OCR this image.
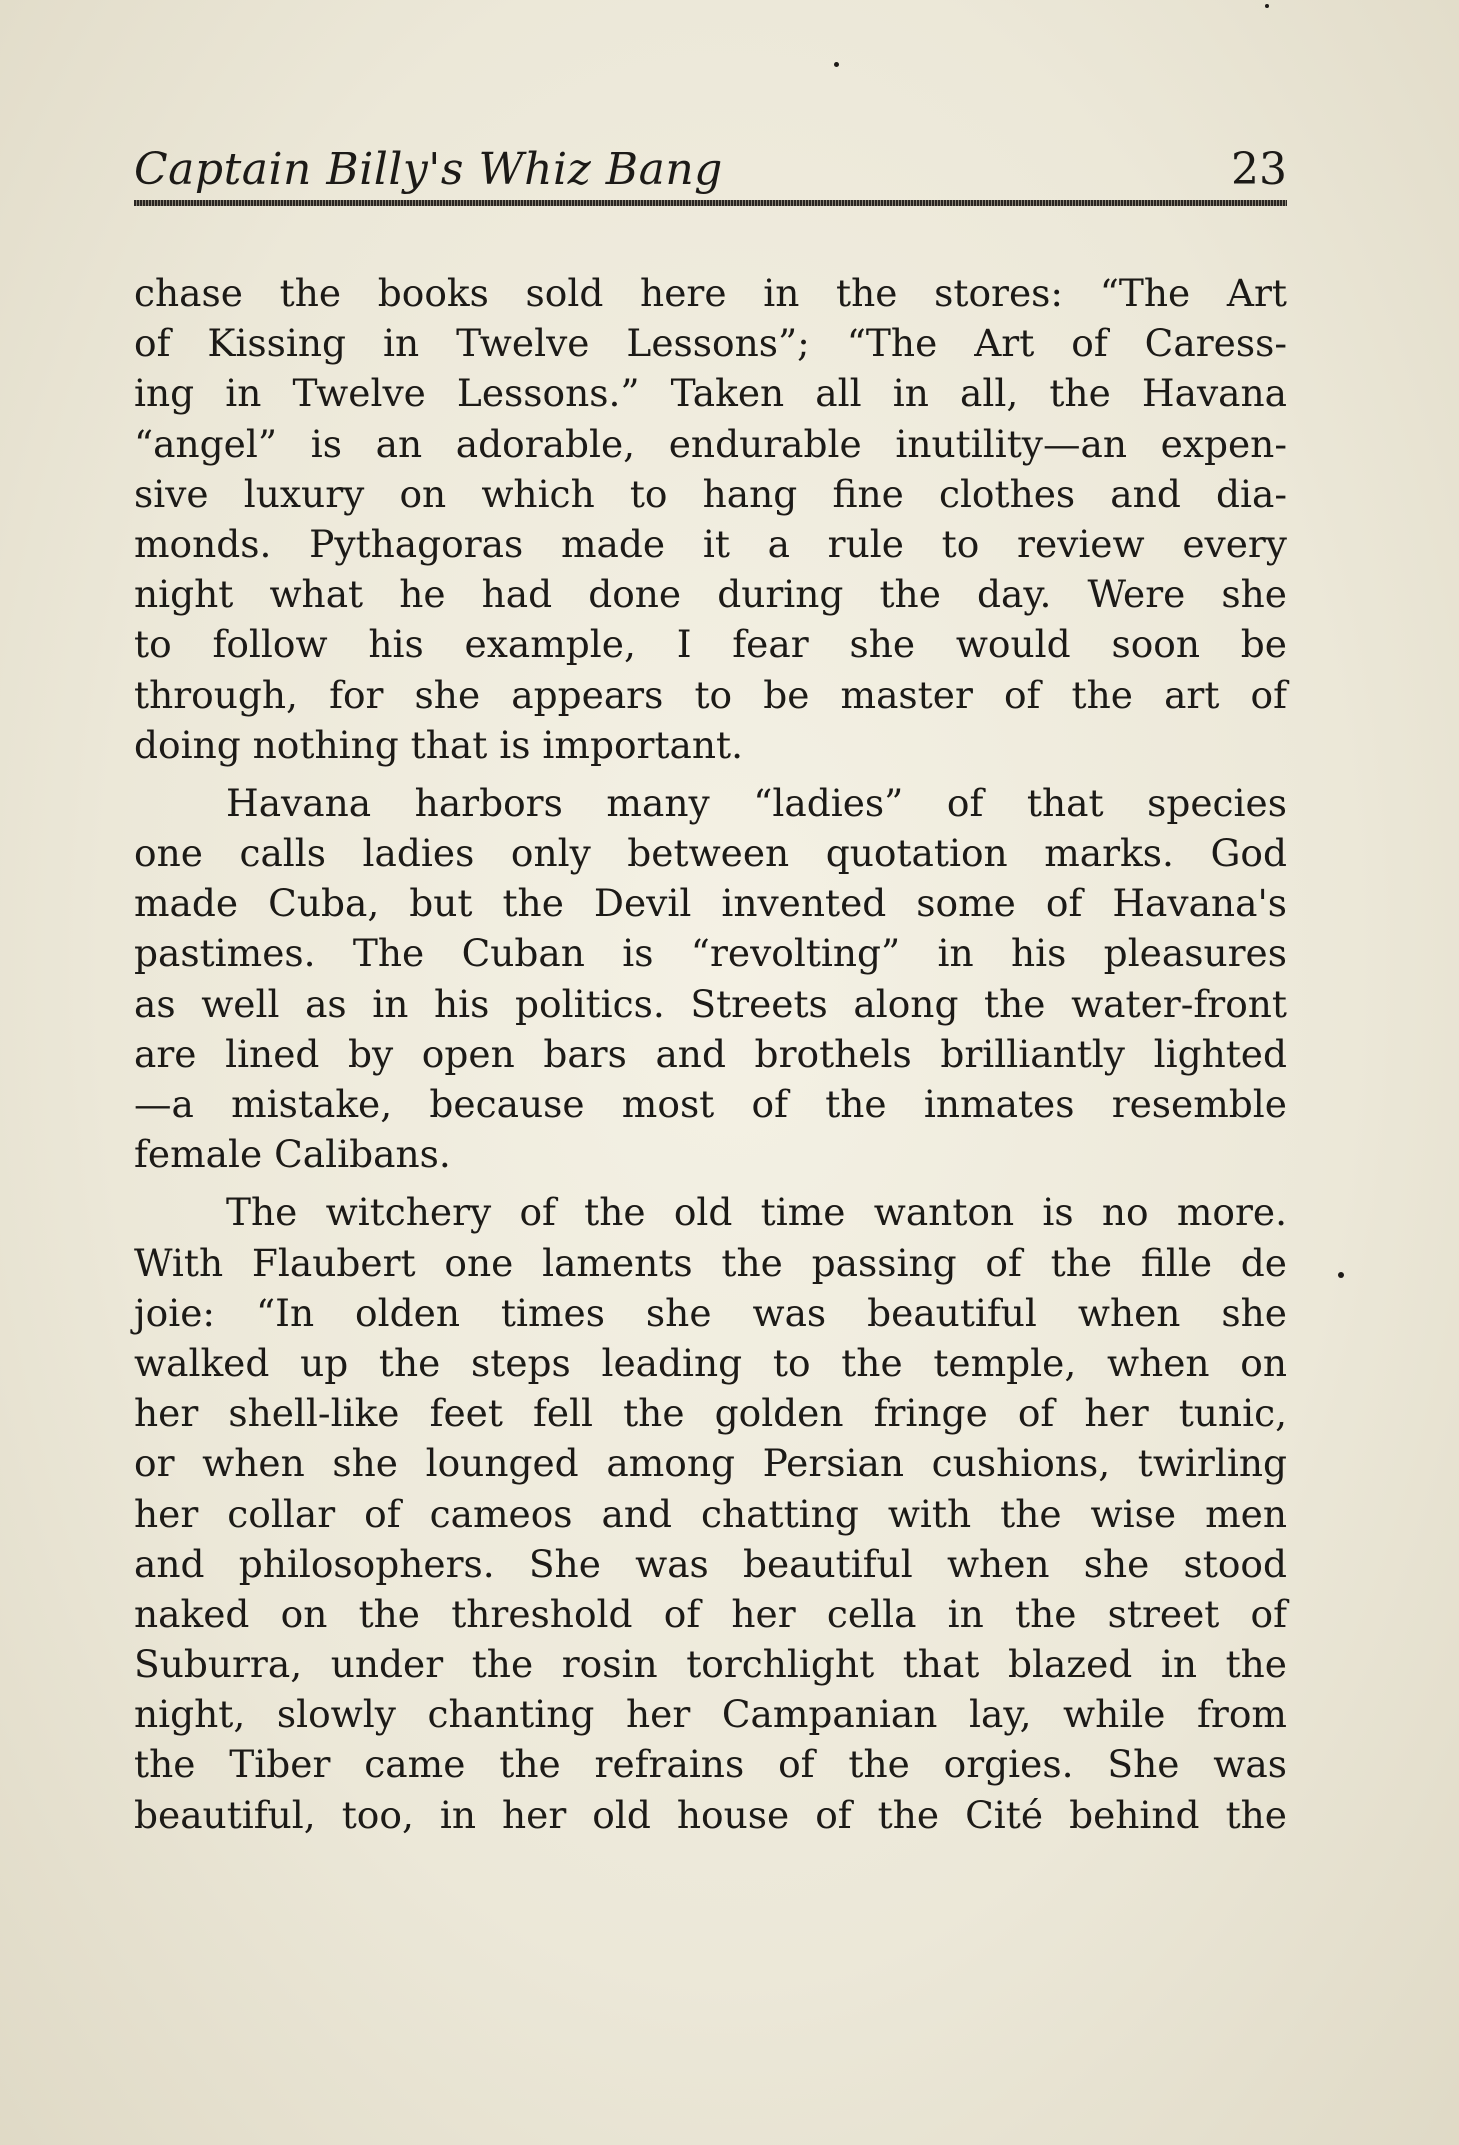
Captain Billy's Whiz Bang	23
chase the books sold here in the stores: “The Art
of Kissing in Twelve Lessons”; “The Art of Caress-
ing in Twelve Lessons.” Taken all in all, the Havana
“angel” is an adorable, endurable inutility—an expen-
sive luxury on which to hang fine clothes and dia-
monds. Pythagoras made it a rule to review every
night what he had done during the day. Were she
to follow his example, I fear she would soon be
through, for she appears to be master of the art of
doing nothing that is important.
Havana harbors many “ladies” of that species
one calls ladies only between quotation marks. God
made Cuba, but the Devil invented some of Havana's
pastimes. The Cuban is “revolting” in his pleasures
as well as in his politics. Streets along the water-front
are lined by open bars and brothels brilliantly lighted
—a mistake, because most of the inmates resemble
female Calibans.
The witchery of the old time wanton is no more.
With Flaubert one laments the passing of the fille de
joie: “In olden times she was beautiful when she
walked up the steps leading to the temple, when on
her shell-like feet fell the golden fringe of her tunic,
or when she lounged among Persian cushions, twirling
her collar of cameos and chatting with the wise men
and philosophers. She was beautiful when she stood
naked on the threshold of her cella in the street of
Suburra, under the rosin torchlight that blazed in the
night, slowly chanting her Campanian lay, while from
the Tiber came the refrains of the orgies. She was
beautiful, too, in her old house of the Cité behind the
